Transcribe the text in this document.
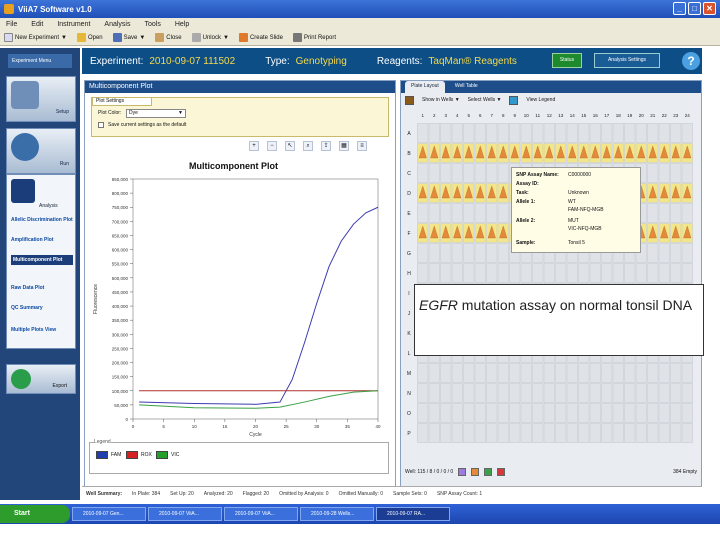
ViiA7 Software v1.0	_	□	✕
File Edit Instrument Analysis Tools Help
New Experiment ▼	Open	Save ▼	Close	Unlock ▼	Create Slide	Print Report
Experiment: 2010-09-07 111502	Type: Genotyping	Reagents: TaqMan® Reagents	Status	Analysis Settings	?
Experiment Menu
Setup
Run
Analysis
Allelic Discrimination Plot
Amplification Plot
Multicomponent Plot
Raw Data Plot
QC Summary
Multiple Plots View
Export
Multicomponent Plot
Plot Settings
Plot Color:	Dye	▼
Save current settings as the default
+	−	↖	⌕	⇪	▦	≡
Multicomponent Plot
0
50,000
100,000
150,000
200,000
250,000
300,000
350,000
400,000
450,000
500,000
550,000
600,000
650,000
700,000
750,000
800,000
850,000
0	5	10	15	20	25	30	35	40
Cycle
Fluorescence
Legend
FAM	ROX	VIC
Plate Layout	Well Table
Show in Wells ▼ Select Wells ▼	View Legend
1 2 3 4 5 6 7 8 9 10 11 12 13 14 15 16 17 18 19 20 21 22 23 24
A
B
C
D
E
F
G
H
I
J
K
L
M
N
O
P
Well: 115 / 8 / 0 / 0 / 0	384 Empty
SNP Assay Name:	C0000000
Assay ID:
Task:	Unknown
Allele 1:	WT
FAM-NFQ-MGB
Allele 2:	MUT
VIC-NFQ-MGB
Sample:	Tonsil 5
EGFR mutation assay on normal tonsil DNA
Well Summary: In Plate: 384 Set Up: 20 Analyzed: 20 Flagged: 20 Omitted by Analysis: 0 Omitted Manually: 0 Sample Sets: 0 SNP Assay Count: 1
Start	2010-09-07 Gen...	2010-09-07 ViiA...	2010-09-07 ViiA...	2010-09-28 Wells...	2010-09-07 RA...
